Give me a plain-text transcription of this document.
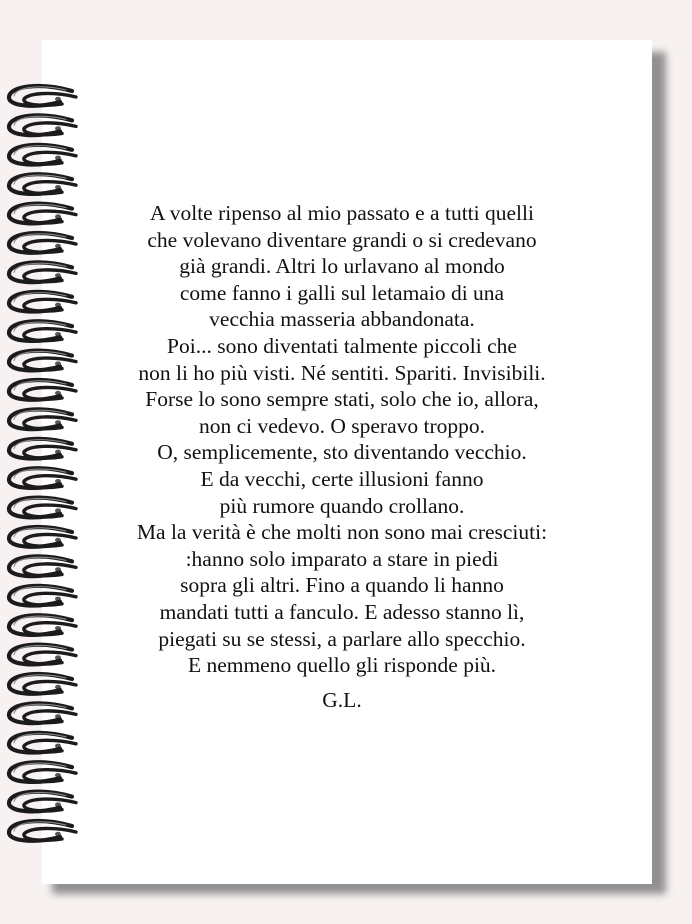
A volte ripenso al mio passato e a tutti quelli
che volevano diventare grandi o si credevano
già grandi. Altri lo urlavano al mondo
come fanno i galli sul letamaio di una
vecchia masseria abbandonata.
Poi... sono diventati talmente piccoli che
non li ho più visti. Né sentiti. Spariti. Invisibili.
Forse lo sono sempre stati, solo che io, allora,
non ci vedevo. O speravo troppo.
O, semplicemente, sto diventando vecchio.
E da vecchi, certe illusioni fanno
più rumore quando crollano.
Ma la verità è che molti non sono mai cresciuti:
:hanno solo imparato a stare in piedi
sopra gli altri. Fino a quando li hanno
mandati tutti a fanculo. E adesso stanno lì,
piegati su se stessi, a parlare allo specchio.
E nemmeno quello gli risponde più.
G.L.
